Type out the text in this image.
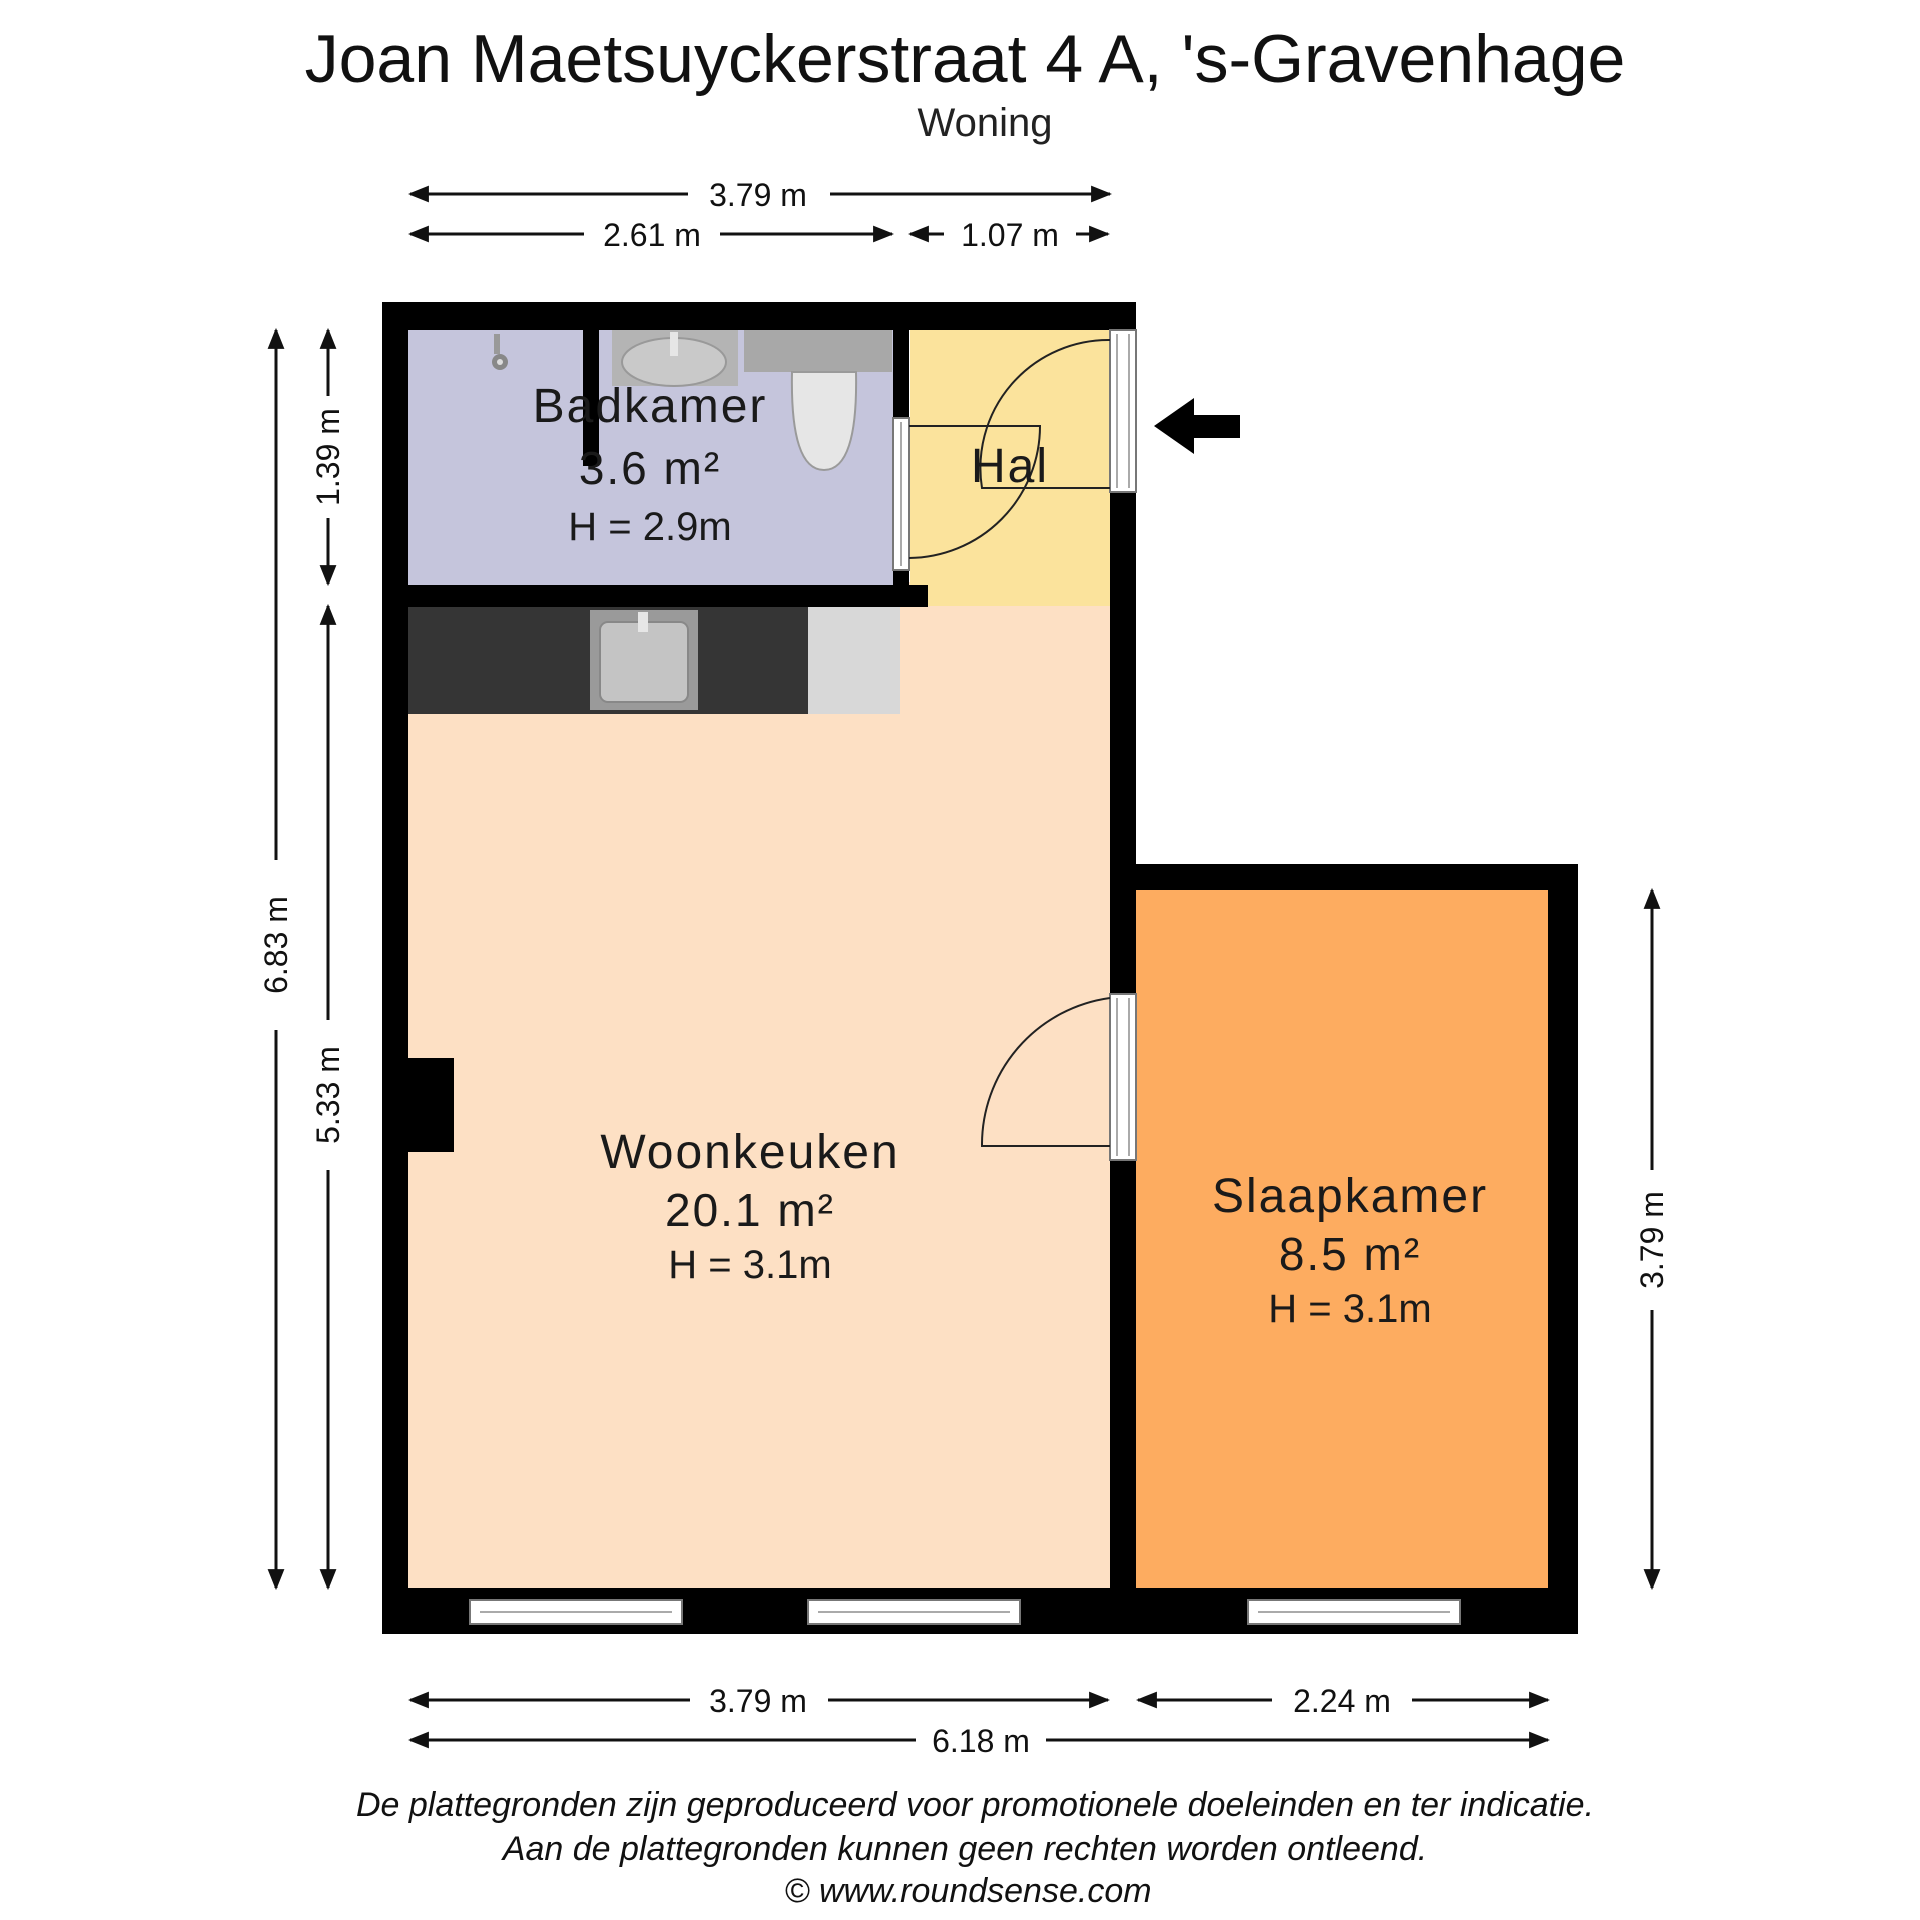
Joan Maetsuyckerstraat 4 A, 's-Gravenhage
Woning
Badkamer
3.6 m²
H = 2.9m
Hal
Woonkeuken
20.1 m²
H = 3.1m
Slaapkamer
8.5 m²
H = 3.1m
3.79 m
2.61 m	1.07 m
6.83 m
1.39 m
5.33 m
3.79 m
3.79 m	2.24 m
6.18 m
De plattegronden zijn geproduceerd voor promotionele doeleinden en ter indicatie.
Aan de plattegronden kunnen geen rechten worden ontleend.
© www.roundsense.com
